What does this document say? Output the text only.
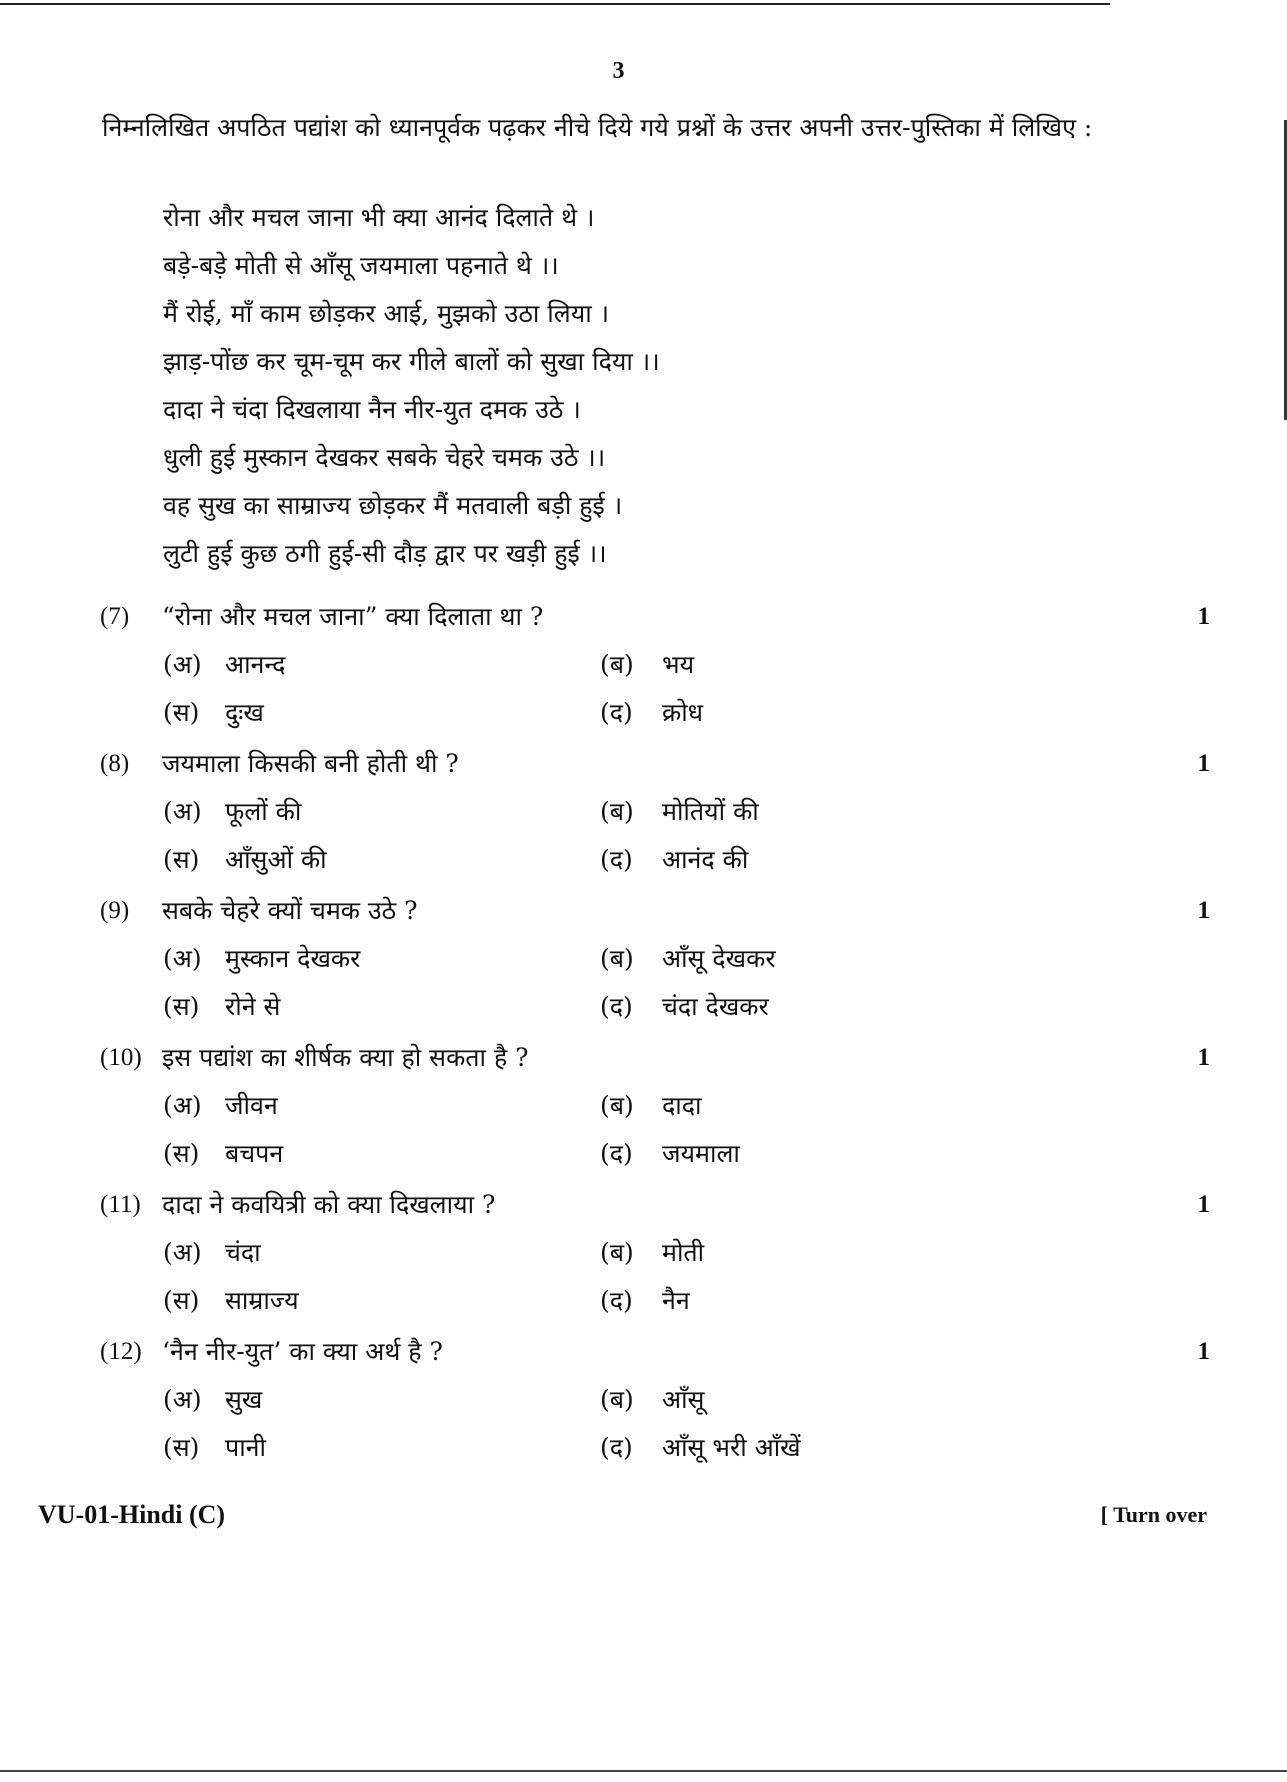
3
निम्नलिखित अपठित पद्यांश को ध्यानपूर्वक पढ़कर नीचे दिये गये प्रश्नों के उत्तर अपनी उत्तर-पुस्तिका में लिखिए :
रोना और मचल जाना भी क्या आनंद दिलाते थे ।
बड़े-बड़े मोती से आँसू जयमाला पहनाते थे ।।
मैं रोई, माँ काम छोड़कर आई, मुझको उठा लिया ।
झाड़-पोंछ कर चूम-चूम कर गीले बालों को सुखा दिया ।।
दादा ने चंदा दिखलाया नैन नीर-युत दमक उठे ।
धुली हुई मुस्कान देखकर सबके चेहरे चमक उठे ।।
वह सुख का साम्राज्य छोड़कर मैं मतवाली बड़ी हुई ।
लुटी हुई कुछ ठगी हुई-सी दौड़ द्वार पर खड़ी हुई ।।
(7) “रोना और मचल जाना” क्या दिलाता था ?	1
(अ) आनन्द	(ब) भय
(स) दुःख	(द) क्रोध
(8) जयमाला किसकी बनी होती थी ?	1
(अ) फूलों की	(ब) मोतियों की
(स) आँसुओं की	(द) आनंद की
(9) सबके चेहरे क्यों चमक उठे ?	1
(अ) मुस्कान देखकर	(ब) आँसू देखकर
(स) रोने से	(द) चंदा देखकर
(10) इस पद्यांश का शीर्षक क्या हो सकता है ?	1
(अ) जीवन	(ब) दादा
(स) बचपन	(द) जयमाला
(11) दादा ने कवयित्री को क्या दिखलाया ?	1
(अ) चंदा	(ब) मोती
(स) साम्राज्य	(द) नैन
(12) ‘नैन नीर-युत’ का क्या अर्थ है ?	1
(अ) सुख	(ब) आँसू
(स) पानी	(द) आँसू भरी आँखें
VU-01-Hindi (C)	[ Turn over
